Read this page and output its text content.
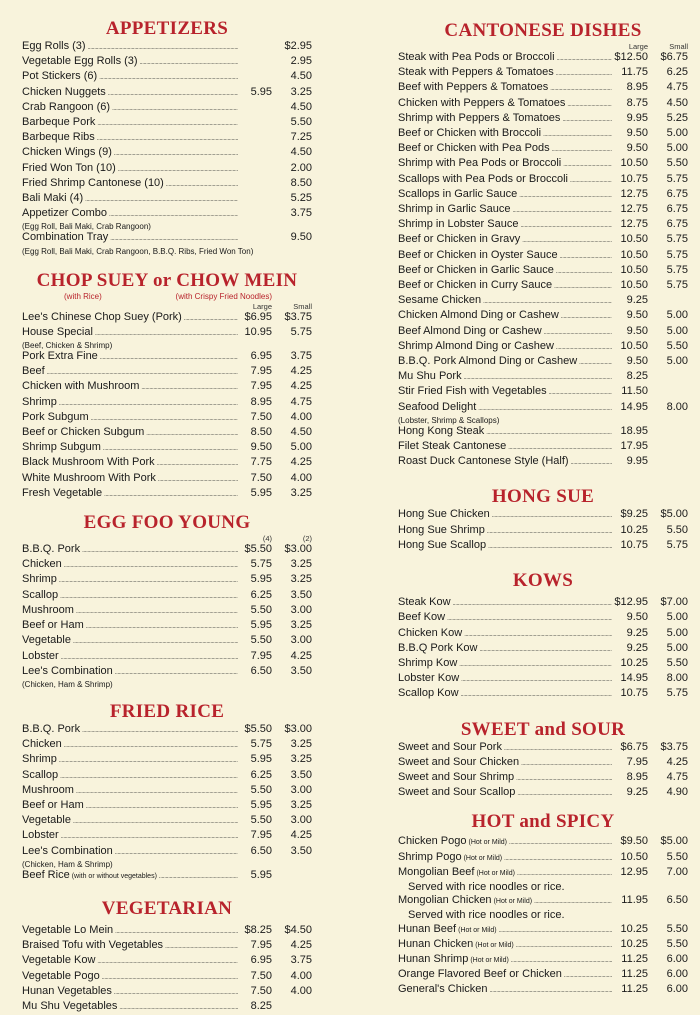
APPETIZERS
Egg Rolls (3) . . .	$2.95
Vegetable Egg Rolls (3) . . .	2.95
Pot Stickers (6) . . .	4.50
Chicken Nuggets . . .	5.95	3.25
Crab Rangoon (6) . . .	4.50
Barbeque Pork . . .	5.50
Barbeque Ribs . . .	7.25
Chicken Wings (9) . . .	4.50
Fried Won Ton (10) . . .	2.00
Fried Shrimp Cantonese (10) . . .	8.50
Bali Maki (4) . . .	5.25
Appetizer Combo . . .	3.75
(Egg Roll, Bali Maki, Crab Rangoon)
Combination Tray . . .	9.50
(Egg Roll, Bali Maki, Crab Rangoon, B.B.Q. Ribs, Fried Won Ton)
CHOP SUEY or CHOW MEIN
(with Rice)	(with Crispy Fried Noodles)
Large	Small
Lee's Chinese Chop Suey (Pork) . . .	$6.95	$3.75
House Special . . .	10.95	5.75
(Beef, Chicken & Shrimp)
Pork Extra Fine . . .	6.95	3.75
Beef . . .	7.95	4.25
Chicken with Mushroom . . .	7.95	4.25
Shrimp . . .	8.95	4.75
Pork Subgum . . .	7.50	4.00
Beef or Chicken Subgum . . .	8.50	4.50
Shrimp Subgum . . .	9.50	5.00
Black Mushroom With Pork . . .	7.75	4.25
White Mushroom With Pork . . .	7.50	4.00
Fresh Vegetable . . .	5.95	3.25
EGG FOO YOUNG
(4)	(2)
B.B.Q. Pork . . .	$5.50	$3.00
Chicken . . .	5.75	3.25
Shrimp . . .	5.95	3.25
Scallop . . .	6.25	3.50
Mushroom . . .	5.50	3.00
Beef or Ham . . .	5.95	3.25
Vegetable . . .	5.50	3.00
Lobster . . .	7.95	4.25
Lee's Combination . . .	6.50	3.50
(Chicken, Ham & Shrimp)
FRIED RICE
B.B.Q. Pork . . .	$5.50	$3.00
Chicken . . .	5.75	3.25
Shrimp . . .	5.95	3.25
Scallop . . .	6.25	3.50
Mushroom . . .	5.50	3.00
Beef or Ham . . .	5.95	3.25
Vegetable . . .	5.50	3.00
Lobster . . .	7.95	4.25
Lee's Combination . . .	6.50	3.50
(Chicken, Ham & Shrimp)
Beef Rice (with or without vegetables) . . .	5.95
VEGETARIAN
Vegetable Lo Mein . . .	$8.25	$4.50
Braised Tofu with Vegetables . . .	7.95	4.25
Vegetable Kow . . .	6.95	3.75
Vegetable Pogo . . .	7.50	4.00
Hunan Vegetables . . .	7.50	4.00
Mu Shu Vegetables . . .	8.25
CANTONESE DISHES
Large	Small
Steak with Pea Pods or Broccoli . . .	$12.50	$6.75
Steak with Peppers & Tomatoes . . .	11.75	6.25
Beef with Peppers & Tomatoes . . .	8.95	4.75
Chicken with Peppers & Tomatoes . . .	8.75	4.50
Shrimp with Peppers & Tomatoes . . .	9.95	5.25
Beef or Chicken with Broccoli . . .	9.50	5.00
Beef or Chicken with Pea Pods . . .	9.50	5.00
Shrimp with Pea Pods or Broccoli . . .	10.50	5.50
Scallops with Pea Pods or Broccoli . . .	10.75	5.75
Scallops in Garlic Sauce . . .	12.75	6.75
Shrimp in Garlic Sauce . . .	12.75	6.75
Shrimp in Lobster Sauce . . .	12.75	6.75
Beef or Chicken in Gravy . . .	10.50	5.75
Beef or Chicken in Oyster Sauce . . .	10.50	5.75
Beef or Chicken in Garlic Sauce . . .	10.50	5.75
Beef or Chicken in Curry Sauce . . .	10.50	5.75
Sesame Chicken . . .	9.25
Chicken Almond Ding or Cashew . . .	9.50	5.00
Beef Almond Ding or Cashew . . .	9.50	5.00
Shrimp Almond Ding or Cashew . . .	10.50	5.50
B.B.Q. Pork Almond Ding or Cashew . . .	9.50	5.00
Mu Shu Pork . . .	8.25
Stir Fried Fish with Vegetables . . .	11.50
Seafood Delight . . .	14.95	8.00
(Lobster, Shrimp & Scallops)
Hong Kong Steak . . .	18.95
Filet Steak Cantonese . . .	17.95
Roast Duck Cantonese Style (Half) . . .	9.95
HONG SUE
Hong Sue Chicken . . .	$9.25	$5.00
Hong Sue Shrimp . . .	10.25	5.50
Hong Sue Scallop . . .	10.75	5.75
KOWS
Steak Kow . . .	$12.95	$7.00
Beef Kow . . .	9.50	5.00
Chicken Kow . . .	9.25	5.00
B.B.Q Pork Kow . . .	9.25	5.00
Shrimp Kow . . .	10.25	5.50
Lobster Kow . . .	14.95	8.00
Scallop Kow . . .	10.75	5.75
SWEET and SOUR
Sweet and Sour Pork . . .	$6.75	$3.75
Sweet and Sour Chicken . . .	7.95	4.25
Sweet and Sour Shrimp . . .	8.95	4.75
Sweet and Sour Scallop . . .	9.25	4.90
HOT and SPICY
Chicken Pogo (Hot or Mild) . . .	$9.50	$5.00
Shrimp Pogo (Hot or Mild) . . .	10.50	5.50
Mongolian Beef (Hot or Mild) . . .	12.95	7.00
Served with rice noodles or rice.
Mongolian Chicken (Hot or Mild) . . .	11.95	6.50
Served with rice noodles or rice.
Hunan Beef (Hot or Mild) . . .	10.25	5.50
Hunan Chicken (Hot or Mild) . . .	10.25	5.50
Hunan Shrimp (Hot or Mild) . . .	11.25	6.00
Orange Flavored Beef or Chicken . . .	11.25	6.00
General's Chicken . . .	11.25	6.00
